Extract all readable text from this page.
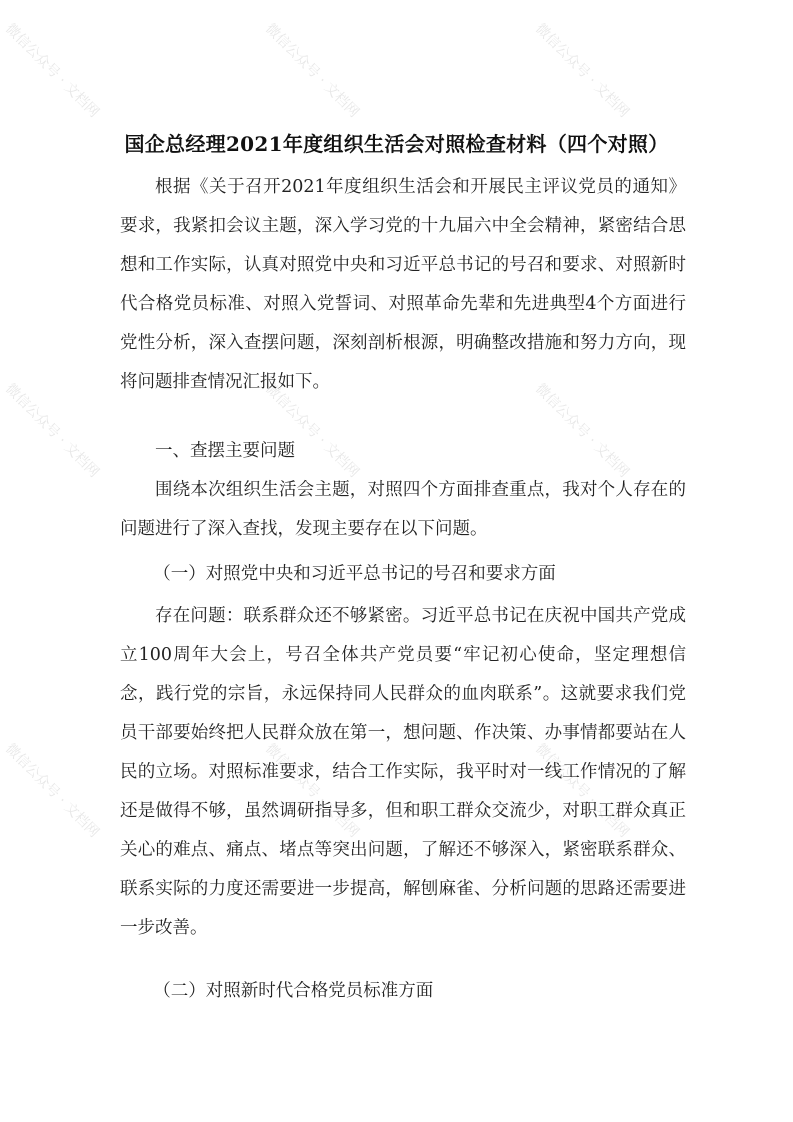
微信公众号 · 文档网	微信公众号 · 文档网	微信公众号 · 文档网
微信公众号 · 文档网	微信公众号 · 文档网	微信公众号 · 文档网
微信公众号 · 文档网	微信公众号 · 文档网	微信公众号 · 文档网
国企总经理2021年度组织生活会对照检查材料（四个对照）

根据《关于召开2021年度组织生活会和开展民主评议党员的通知》要求，我紧扣会议主题，深入学习党的十九届六中全会精神，紧密结合思想和工作实际，认真对照党中央和习近平总书记的号召和要求、对照新时代合格党员标准、对照入党誓词、对照革命先辈和先进典型4个方面进行党性分析，深入查摆问题，深刻剖析根源，明确整改措施和努力方向，现将问题排查情况汇报如下。

一、查摆主要问题

围绕本次组织生活会主题，对照四个方面排查重点，我对个人存在的问题进行了深入查找，发现主要存在以下问题。

（一）对照党中央和习近平总书记的号召和要求方面

存在问题：联系群众还不够紧密。习近平总书记在庆祝中国共产党成立100周年大会上，号召全体共产党员要“牢记初心使命，坚定理想信念，践行党的宗旨，永远保持同人民群众的血肉联系”。这就要求我们党员干部要始终把人民群众放在第一，想问题、作决策、办事情都要站在人民的立场。对照标准要求，结合工作实际，我平时对一线工作情况的了解还是做得不够，虽然调研指导多，但和职工群众交流少，对职工群众真正关心的难点、痛点、堵点等突出问题，了解还不够深入，紧密联系群众、联系实际的力度还需要进一步提高，解刨麻雀、分析问题的思路还需要进一步改善。

（二）对照新时代合格党员标准方面
